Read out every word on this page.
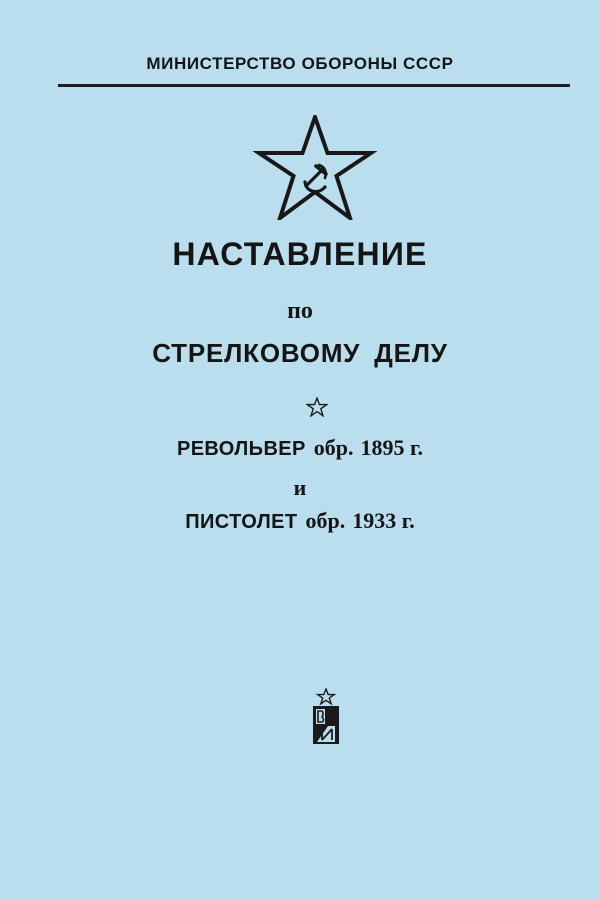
МИНИСТЕРСТВО ОБОРОНЫ СССР
НАСТАВЛЕНИЕ
по
СТРЕЛКОВОМУ ДЕЛУ
РЕВОЛЬВЕР обр. 1895 г.
и
ПИСТОЛЕТ обр. 1933 г.
